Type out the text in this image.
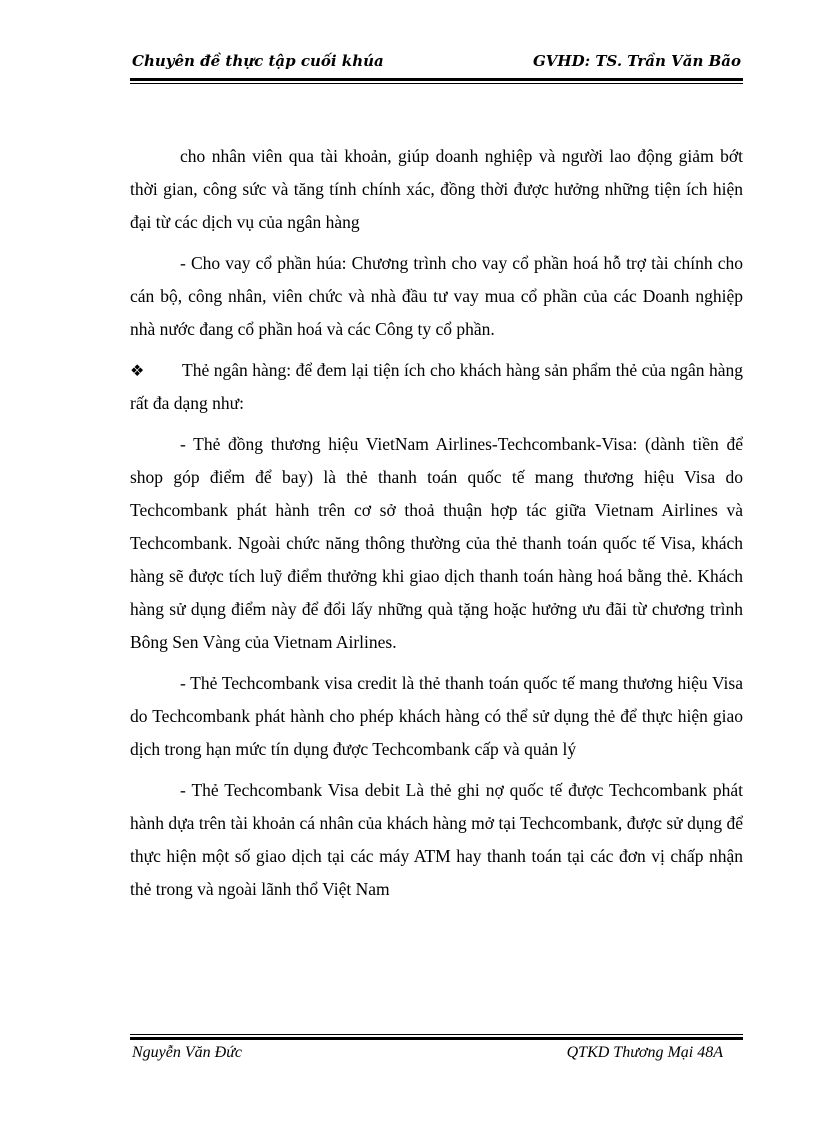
Chuyên đề thực tập cuối khúa	GVHD: TS. Trần Văn Bão

cho nhân viên qua tài khoản, giúp doanh nghiệp và người lao động giảm bớt thời gian, công sức và tăng tính chính xác, đồng thời được hưởng những tiện ích hiện đại từ các dịch vụ của ngân hàng

- Cho vay cổ phần húa: Chương trình cho vay cổ phần hoá hỗ trợ tài chính cho cán bộ, công nhân, viên chức và nhà đầu tư vay mua cổ phần của các Doanh nghiệp nhà nước đang cổ phần hoá và các Công ty cổ phần.

❖ Thẻ ngân hàng: để đem lại tiện ích cho khách hàng sản phẩm thẻ của ngân hàng rất đa dạng như:

- Thẻ đồng thương hiệu VietNam Airlines-Techcombank-Visa: (dành tiền để shop góp điểm để bay) là thẻ thanh toán quốc tế mang thương hiệu Visa do Techcombank phát hành trên cơ sở thoả thuận hợp tác giữa Vietnam Airlines và Techcombank. Ngoài chức năng thông thường của thẻ thanh toán quốc tế Visa, khách hàng sẽ được tích luỹ điểm thưởng khi giao dịch thanh toán hàng hoá bằng thẻ. Khách hàng sử dụng điểm này để đổi lấy những quà tặng hoặc hưởng ưu đãi từ chương trình Bông Sen Vàng của Vietnam Airlines.

- Thẻ Techcombank visa credit là thẻ thanh toán quốc tế mang thương hiệu Visa do Techcombank phát hành cho phép khách hàng có thể sử dụng thẻ để thực hiện giao dịch trong hạn mức tín dụng được Techcombank cấp và quản lý

- Thẻ Techcombank Visa debit Là thẻ ghi nợ quốc tế được Techcombank phát hành dựa trên tài khoản cá nhân của khách hàng mở tại Techcombank, được sử dụng để thực hiện một số giao dịch tại các máy ATM hay thanh toán tại các đơn vị chấp nhận thẻ trong và ngoài lãnh thổ Việt Nam

Nguyễn Văn Đức	QTKD Thương Mại 48A
